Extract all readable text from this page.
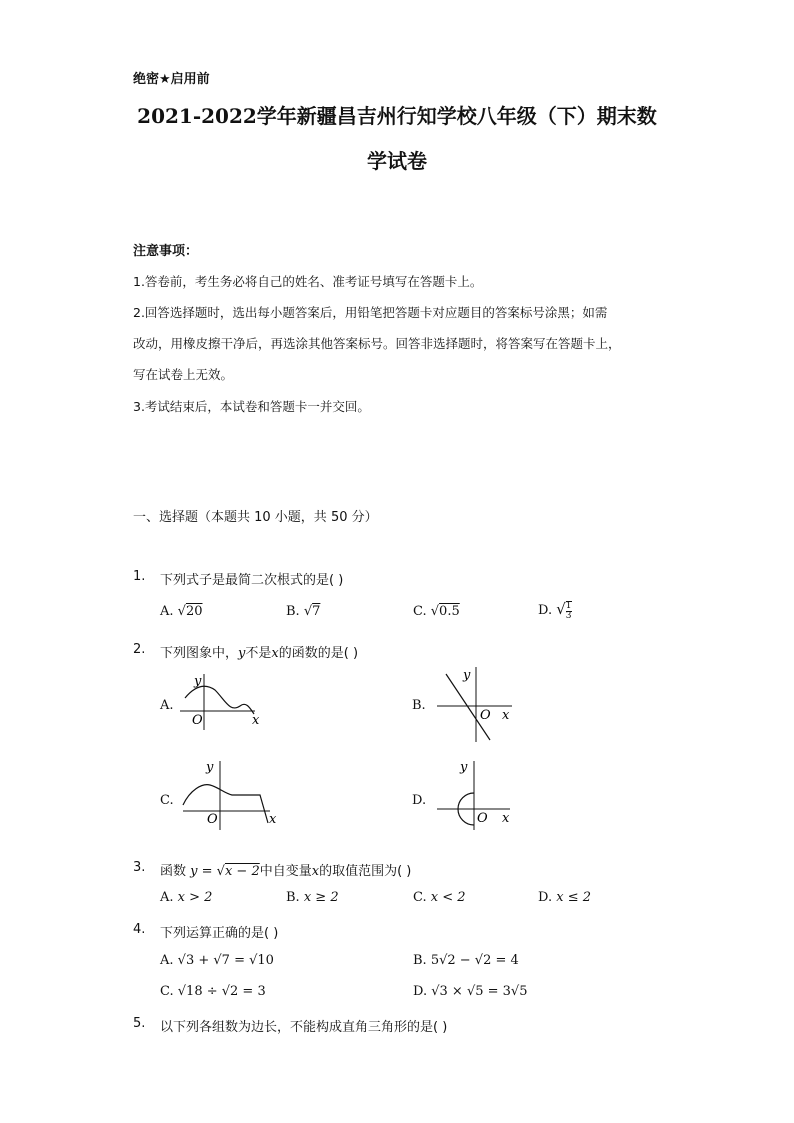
绝密★启用前
2021-2022学年新疆昌吉州行知学校八年级（下）期末数
学试卷
注意事项：
1.答卷前，考生务必将自己的姓名、准考证号填写在答题卡上。
2.回答选择题时，选出每小题答案后，用铅笔把答题卡对应题目的答案标号涂黑；如需
改动，用橡皮擦干净后，再选涂其他答案标号。回答非选择题时，将答案写在答题卡上，
写在试卷上无效。
3.考试结束后，本试卷和答题卡一并交回。
一、选择题（本题共 10 小题，共 50 分）
1. 下列式子是最简二次根式的是( )
A. √20	B. √7	C. √0.5	D. √ $\frac{1}{3}$
2. 下列图象中，y不是x的函数的是( )
A.
y
O	x
B.
y
O x
C.
y
O	x
D.
y
O x
3. 函数 y = √x − 2中自变量x的取值范围为( )
A. x > 2	B. x ≥ 2	C. x < 2	D. x ≤ 2
4. 下列运算正确的是( )
A. √3 + √7 = √10	B. 5√2 − √2 = 4
C. √18 ÷ √2 = 3	D. √3 × √5 = 3√5
5. 以下列各组数为边长，不能构成直角三角形的是( )
